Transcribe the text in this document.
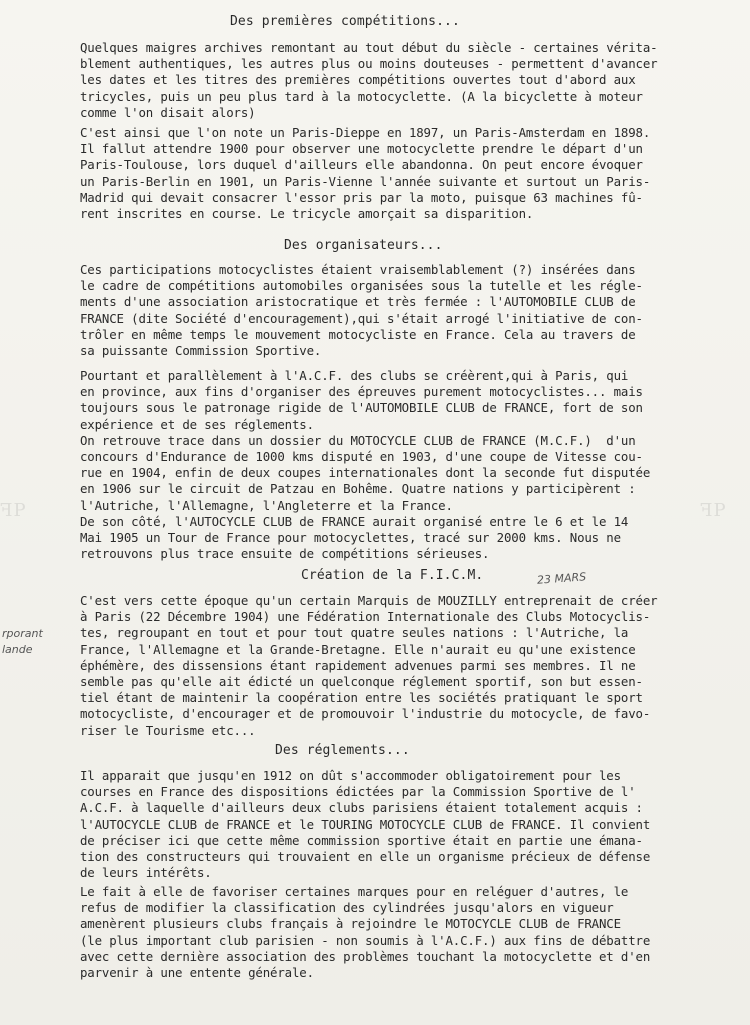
ꟻP	ꟻP
Des premières compétitions...
Quelques maigres archives remontant au tout début du siècle - certaines vérita-
blement authentiques, les autres plus ou moins douteuses - permettent d'avancer
les dates et les titres des premières compétitions ouvertes tout d'abord aux
tricycles, puis un peu plus tard à la motocyclette. (A la bicyclette à moteur
comme l'on disait alors)
C'est ainsi que l'on note un Paris-Dieppe en 1897, un Paris-Amsterdam en 1898.
Il fallut attendre 1900 pour observer une motocyclette prendre le départ d'un
Paris-Toulouse, lors duquel d'ailleurs elle abandonna. On peut encore évoquer
un Paris-Berlin en 1901, un Paris-Vienne l'année suivante et surtout un Paris-
Madrid qui devait consacrer l'essor pris par la moto, puisque 63 machines fû-
rent inscrites en course. Le tricycle amorçait sa disparition.
Des organisateurs...
Ces participations motocyclistes étaient vraisemblablement (?) insérées dans
le cadre de compétitions automobiles organisées sous la tutelle et les régle-
ments d'une association aristocratique et très fermée : l'AUTOMOBILE CLUB de
FRANCE (dite Société d'encouragement),qui s'était arrogé l'initiative de con-
trôler en même temps le mouvement motocycliste en France. Cela au travers de
sa puissante Commission Sportive.
Pourtant et parallèlement à l'A.C.F. des clubs se créèrent,qui à Paris, qui
en province, aux fins d'organiser des épreuves purement motocyclistes... mais
toujours sous le patronage rigide de l'AUTOMOBILE CLUB de FRANCE, fort de son
expérience et de ses réglements.
On retrouve trace dans un dossier du MOTOCYCLE CLUB de FRANCE (M.C.F.)  d'un
concours d'Endurance de 1000 kms disputé en 1903, d'une coupe de Vitesse cou-
rue en 1904, enfin de deux coupes internationales dont la seconde fut disputée
en 1906 sur le circuit de Patzau en Bohême. Quatre nations y participèrent :
l'Autriche, l'Allemagne, l'Angleterre et la France.
De son côté, l'AUTOCYCLE CLUB de FRANCE aurait organisé entre le 6 et le 14
Mai 1905 un Tour de France pour motocyclettes, tracé sur 2000 kms. Nous ne
retrouvons plus trace ensuite de compétitions sérieuses.
Création de la F.I.C.M.	23 MARS
C'est vers cette époque qu'un certain Marquis de MOUZILLY entreprenait de créer
à Paris (22 Décembre 1904) une Fédération Internationale des Clubs Motocyclis-
tes, regroupant en tout et pour tout quatre seules nations : l'Autriche, la
France, l'Allemagne et la Grande-Bretagne. Elle n'aurait eu qu'une existence
éphémère, des dissensions étant rapidement advenues parmi ses membres. Il ne
semble pas qu'elle ait édicté un quelconque réglement sportif, son but essen-
tiel étant de maintenir la coopération entre les sociétés pratiquant le sport
motocycliste, d'encourager et de promouvoir l'industrie du motocycle, de favo-
riser le Tourisme etc...
rporant
lande
Des réglements...
Il apparait que jusqu'en 1912 on dût s'accommoder obligatoirement pour les
courses en France des dispositions édictées par la Commission Sportive de l'
A.C.F. à laquelle d'ailleurs deux clubs parisiens étaient totalement acquis :
l'AUTOCYCLE CLUB de FRANCE et le TOURING MOTOCYCLE CLUB de FRANCE. Il convient
de préciser ici que cette même commission sportive était en partie une émana-
tion des constructeurs qui trouvaient en elle un organisme précieux de défense
de leurs intérêts.
Le fait à elle de favoriser certaines marques pour en reléguer d'autres, le
refus de modifier la classification des cylindrées jusqu'alors en vigueur
amenèrent plusieurs clubs français à rejoindre le MOTOCYCLE CLUB de FRANCE
(le plus important club parisien - non soumis à l'A.C.F.) aux fins de débattre
avec cette dernière association des problèmes touchant la motocyclette et d'en
parvenir à une entente générale.
